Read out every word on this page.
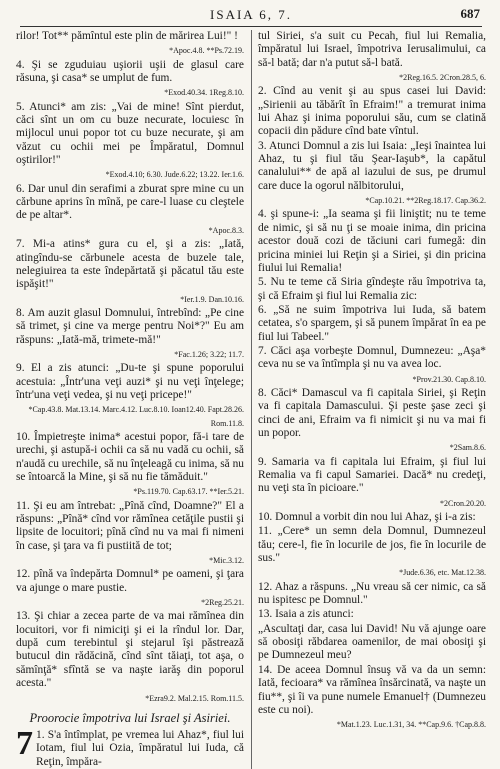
ISAIA 6, 7.	687

rilor! Tot** pămîntul este plin de mărirea Lui!" !

*Apoc.4.8. **Ps.72.19.

4. Şi se zguduiau uşiorii uşii de glasul care răsuna, şi casa* se umplut de fum.

*Exod.40.34. 1Reg.8.10.

5. Atunci* am zis: „Vai de mine! Sînt pierdut, căci sînt un om cu buze necurate, locuiesc în mijlocul unui popor tot cu buze necurate, şi am văzut cu ochii mei pe Împăratul, Domnul oştirilor!"

*Exod.4.10; 6.30. Jude.6.22; 13.22. Ier.1.6.

6. Dar unul din serafimi a zburat spre mine cu un cărbune aprins în mînă, pe care-l luase cu cleştele de pe altar*.

*Apoc.8.3.

7. Mi-a atins* gura cu el, şi a zis: „Iată, atingîndu-se cărbunele acesta de buzele tale, nelegiuirea ta este îndepărtată şi păcatul tău este ispăşit!"

*Ier.1.9. Dan.10.16.

8. Am auzit glasul Domnului, întrebînd: „Pe cine să trimet, şi cine va merge pentru Noi*?" Eu am răspuns: „Iată-mă, trimete-mă!"

*Fac.1.26; 3.22; 11.7.

9. El a zis atunci: „Du-te şi spune poporului acestuia: „Într'una veţi auzi* şi nu veţi înţelege; într'una veţi vedea, şi nu veţi pricepe!"

*Cap.43.8. Mat.13.14. Marc.4.12. Luc.8.10. Ioan12.40. Fapt.28.26. Rom.11.8.

10. Împietreşte inima* acestui popor, fă-i tare de urechi, şi astupă-i ochii ca să nu vadă cu ochii, să n'audă cu urechile, să nu înţeleagă cu inima, să nu se întoarcă la Mine, şi să nu fie tămăduit."

*Ps.119.70. Cap.63.17. **Ier.5.21.

11. Şi eu am întrebat: „Pînă cînd, Doamne?" El a răspuns: „Pînă* cînd vor rămînea cetăţile pustii şi lipsite de locuitori; pînă cînd nu va mai fi nimeni în case, şi ţara va fi pustiită de tot;

*Mic.3.12.

12. pînă va îndepărta Domnul* pe oameni, şi ţara va ajunge o mare pustie.

*2Reg.25.21.

13. Şi chiar a zecea parte de va mai rămînea din locuitori, vor fi nimiciţi şi ei la rîndul lor. Dar, după cum terebintul şi stejarul îşi păstrează butucul din rădăcină, cînd sînt tăiaţi, tot aşa, o sămînţă* sfîntă se va naşte iarăş din poporul acesta."

*Ezra9.2. Mal.2.15. Rom.11.5.
Proorocie împotriva lui Israel şi Asiriei.
7 1. S'a întîmplat, pe vremea lui Ahaz*, fiul lui Iotam, fiul lui Ozia, împăratul lui Iuda, că Reţin, împăra-

tul Siriei, s'a suit cu Pecah, fiul lui Remalia, împăratul lui Israel, împotriva Ierusalimului, ca să-l bată; dar n'a putut să-l bată.

*2Reg.16.5. 2Cron.28.5, 6.

2. Cînd au venit şi au spus casei lui David: „Sirienii au tăbărît în Efraim!" a tremurat inima lui Ahaz şi inima poporului său, cum se clatină copacii din pădure cînd bate vîntul.

3. Atunci Domnul a zis lui Isaia: „Ieşi înaintea lui Ahaz, tu şi fiul tău Şear-Iaşub*, la capătul canalului** de apă al iazului de sus, pe drumul care duce la ogorul nălbitorului,

*Cap.10.21. **2Reg.18.17. Cap.36.2.

4. şi spune-i: „Ia seama şi fii liniştit; nu te teme de nimic, şi să nu ţi se moaie inima, din pricina acestor două cozi de tăciuni cari fumegă: din pricina miniei lui Reţin şi a Siriei, şi din pricina fiului lui Remalia!

5. Nu te teme că Siria gîndeşte rău împotriva ta, şi că Efraim şi fiul lui Remalia zic:

6. „Să ne suim împotriva lui Iuda, să batem cetatea, s'o spargem, şi să punem împărat în ea pe fiul lui Tabeel."

7. Căci aşa vorbeşte Domnul, Dumnezeu: „Aşa* ceva nu se va întîmpla şi nu va avea loc.

*Prov.21.30. Cap.8.10.

8. Căci* Damascul va fi capitala Siriei, şi Reţin va fi capitala Damascului. Şi peste şase zeci şi cinci de ani, Efraim va fi nimicit şi nu va mai fi un popor.

*2Sam.8.6.

9. Samaria va fi capitala lui Efraim, şi fiul lui Remalia va fi capul Samariei. Dacă* nu credeţi, nu veţi sta în picioare."

*2Cron.20.20.

10. Domnul a vorbit din nou lui Ahaz, şi i-a zis:

11. „Cere* un semn dela Domnul, Dumnezeul tău; cere-l, fie în locurile de jos, fie în locurile de sus."

*Jude.6.36, etc. Mat.12.38.

12. Ahaz a răspuns. „Nu vreau să cer nimic, ca să nu ispitesc pe Domnul."

13. Isaia a zis atunci:

„Ascultaţi dar, casa lui David! Nu vă ajunge oare să obosiţi răbdarea oamenilor, de mai obosiţi şi pe Dumnezeul meu?

14. De aceea Domnul însuş vă va da un semn: Iată, fecioara* va rămînea însărcinată, va naşte un fiu**, şi îi va pune numele Emanuel† (Dumnezeu este cu noi).

*Mat.1.23. Luc.1.31, 34. **Cap.9.6. †Cap.8.8.
